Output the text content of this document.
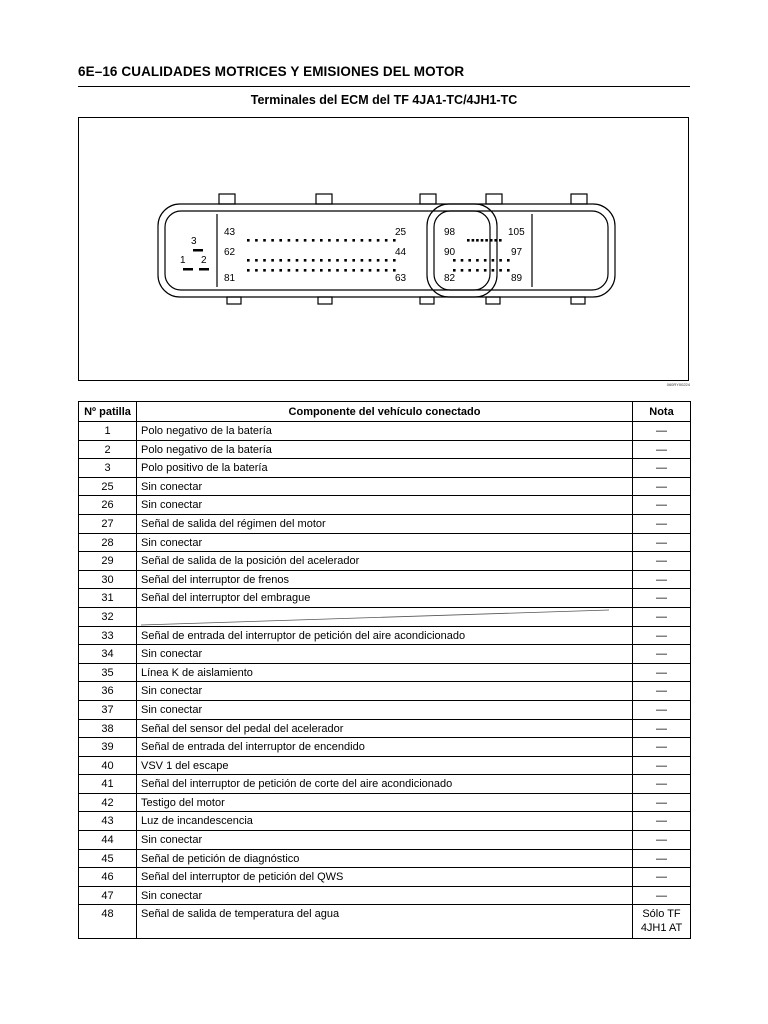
6E–16 CUALIDADES MOTRICES Y EMISIONES DEL MOTOR
Terminales del ECM del TF 4JA1-TC/4JH1-TC
3
1 2
43	25
62	44
81	63
98	105
90	97
82	89
060RY00224
Nº patilla	Componente del vehículo conectado	Nota
1	Polo negativo de la batería	—
2	Polo negativo de la batería	—
3	Polo positivo de la batería	—
25	Sin conectar	—
26	Sin conectar	—
27	Señal de salida del régimen del motor	—
28	Sin conectar	—
29	Señal de salida de la posición del acelerador	—
30	Señal del interruptor de frenos	—
31	Señal del interruptor del embrague	—
32		—
33	Señal de entrada del interruptor de petición del aire acondicionado	—
34	Sin conectar	—
35	Línea K de aislamiento	—
36	Sin conectar	—
37	Sin conectar	—
38	Señal del sensor del pedal del acelerador	—
39	Señal de entrada del interruptor de encendido	—
40	VSV 1 del escape	—
41	Señal del interruptor de petición de corte del aire acondicionado	—
42	Testigo del motor	—
43	Luz de incandescencia	—
44	Sin conectar	—
45	Señal de petición de diagnóstico	—
46	Señal del interruptor de petición del QWS	—
47	Sin conectar	—
48	Señal de salida de temperatura del agua	Sólo TF 4JH1 AT
